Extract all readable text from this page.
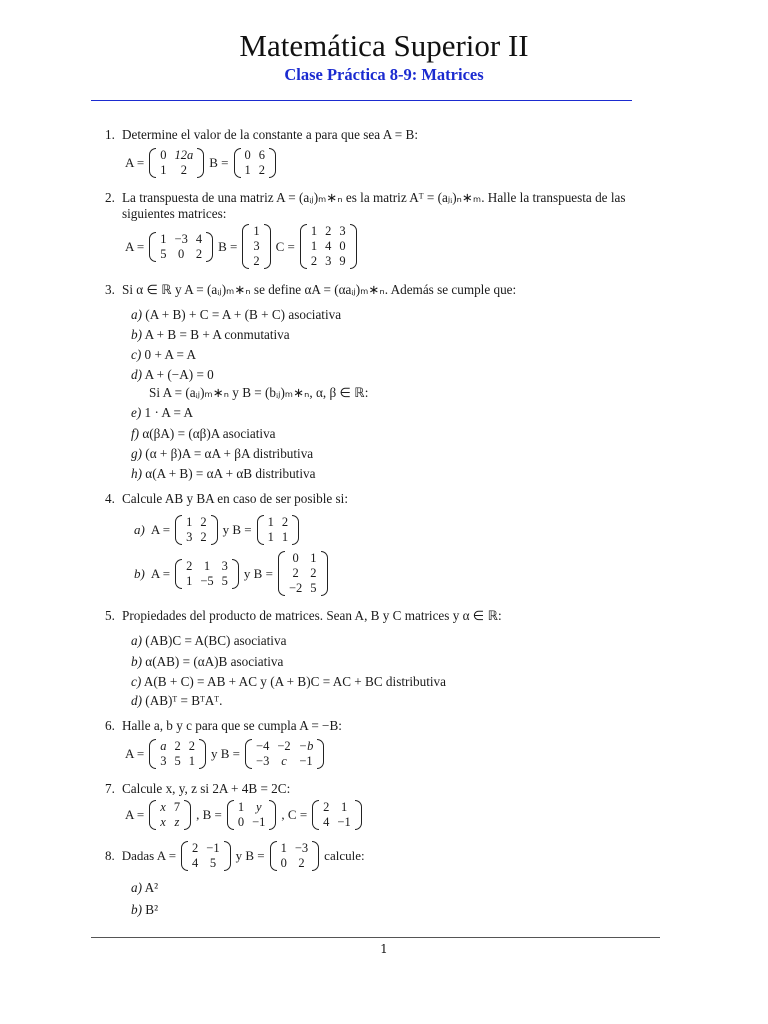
Matemática Superior II
Clase Práctica 8-9: Matrices
1. Determine el valor de la constante a para que sea A = B:
A = 0	12a
1	2 B = 0	6
1	2
2. La transpuesta de una matriz A = (aᵢⱼ)ₘ∗ₙ es la matriz Aᵀ = (aⱼᵢ)ₙ∗ₘ. Halle la transpuesta de las
siguientes matrices:
A = 1	−3	4
5	0	2 B =
1
3
2
C =
1	2	3
1	4	0
2	3	9
3. Si α ∈ ℝ y A = (aᵢⱼ)ₘ∗ₙ se define αA = (αaᵢⱼ)ₘ∗ₙ. Además se cumple que:
a) (A + B) + C = A + (B + C) asociativa
b) A + B = B + A conmutativa
c) 0 + A = A
d) A + (−A) = 0
Si A = (aᵢⱼ)ₘ∗ₙ y B = (bᵢⱼ)ₘ∗ₙ, α, β ∈ ℝ:
e) 1 · A = A
f) α(βA) = (αβ)A asociativa
g) (α + β)A = αA + βA distributiva
h) α(A + B) = αA + αB distributiva
4. Calcule AB y BA en caso de ser posible si:
a) A = 1	2
3	2 y B = 1	2
1	1
b) A = 2	1	3
1	−5	5 y B =
0	1
2	2
−2	5
5. Propiedades del producto de matrices. Sean A, B y C matrices y α ∈ ℝ:
a) (AB)C = A(BC) asociativa
b) α(AB) = (αA)B asociativa
c) A(B + C) = AB + AC y (A + B)C = AC + BC distributiva
d) (AB)ᵀ = BᵀAᵀ.
6. Halle a, b y c para que se cumpla A = −B:
A = a	2	2
3	5	1 y B = −4	−2	−b
−3	c	−1
7. Calcule x, y, z si 2A + 4B = 2C:
A = x	7
x	z , B = 1	y
0	−1 , C = 2	1
4	−1
8. Dadas A = 2	−1
4	5 y B = 1	−3
0	2 calcule:
a) A²
b) B²
1
